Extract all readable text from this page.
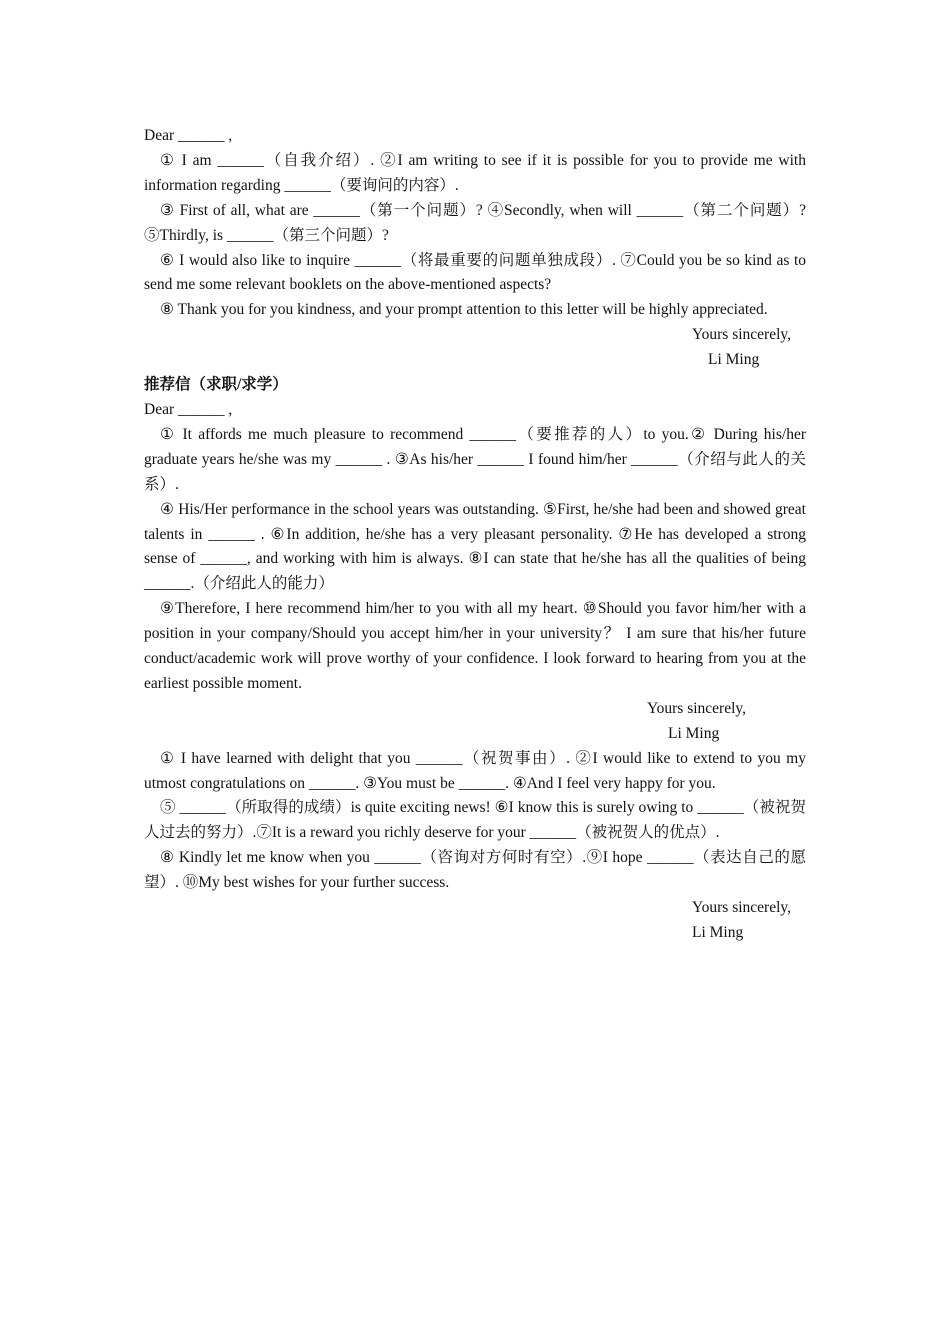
Dear ______ ,

① I am ______（自我介绍）. ②I am writing to see if it is possible for you to provide me with information regarding ______（要询问的内容）.

③ First of all, what are ______（第一个问题）? ④Secondly, when will ______（第二个问题）? ⑤Thirdly, is ______（第三个问题）?

⑥ I would also like to inquire ______（将最重要的问题单独成段）. ⑦Could you be so kind as to send me some relevant booklets on the above-mentioned aspects?

⑧ Thank you for you kindness, and your prompt attention to this letter will be highly appreciated.

Yours sincerely,

Li Ming

推荐信（求职/求学）

Dear ______ ,

① It affords me much pleasure to recommend ______（要推荐的人）to you.② During his/her graduate years he/she was my ______ . ③As his/her ______ I found him/her ______（介绍与此人的关系）.

④ His/Her performance in the school years was outstanding. ⑤First, he/she had been and showed great talents in ______ . ⑥In addition, he/she has a very pleasant personality. ⑦He has developed a strong sense of ______, and working with him is always. ⑧I can state that he/she has all the qualities of being ______.（介绍此人的能力）

⑨Therefore, I here recommend him/her to you with all my heart. ⑩Should you favor him/her with a position in your company/Should you accept him/her in your university？ I am sure that his/her future conduct/academic work will prove worthy of your confidence. I look forward to hearing from you at the earliest possible moment.

Yours sincerely,

Li Ming

① I have learned with delight that you ______（祝贺事由）. ②I would like to extend to you my utmost congratulations on ______. ③You must be ______. ④And I feel very happy for you.

⑤ ______（所取得的成绩）is quite exciting news! ⑥I know this is surely owing to ______（被祝贺人过去的努力）.⑦It is a reward you richly deserve for your ______（被祝贺人的优点）.

⑧ Kindly let me know when you ______（咨询对方何时有空）.⑨I hope ______（表达自己的愿望）. ⑩My best wishes for your further success.

Yours sincerely,

Li Ming
